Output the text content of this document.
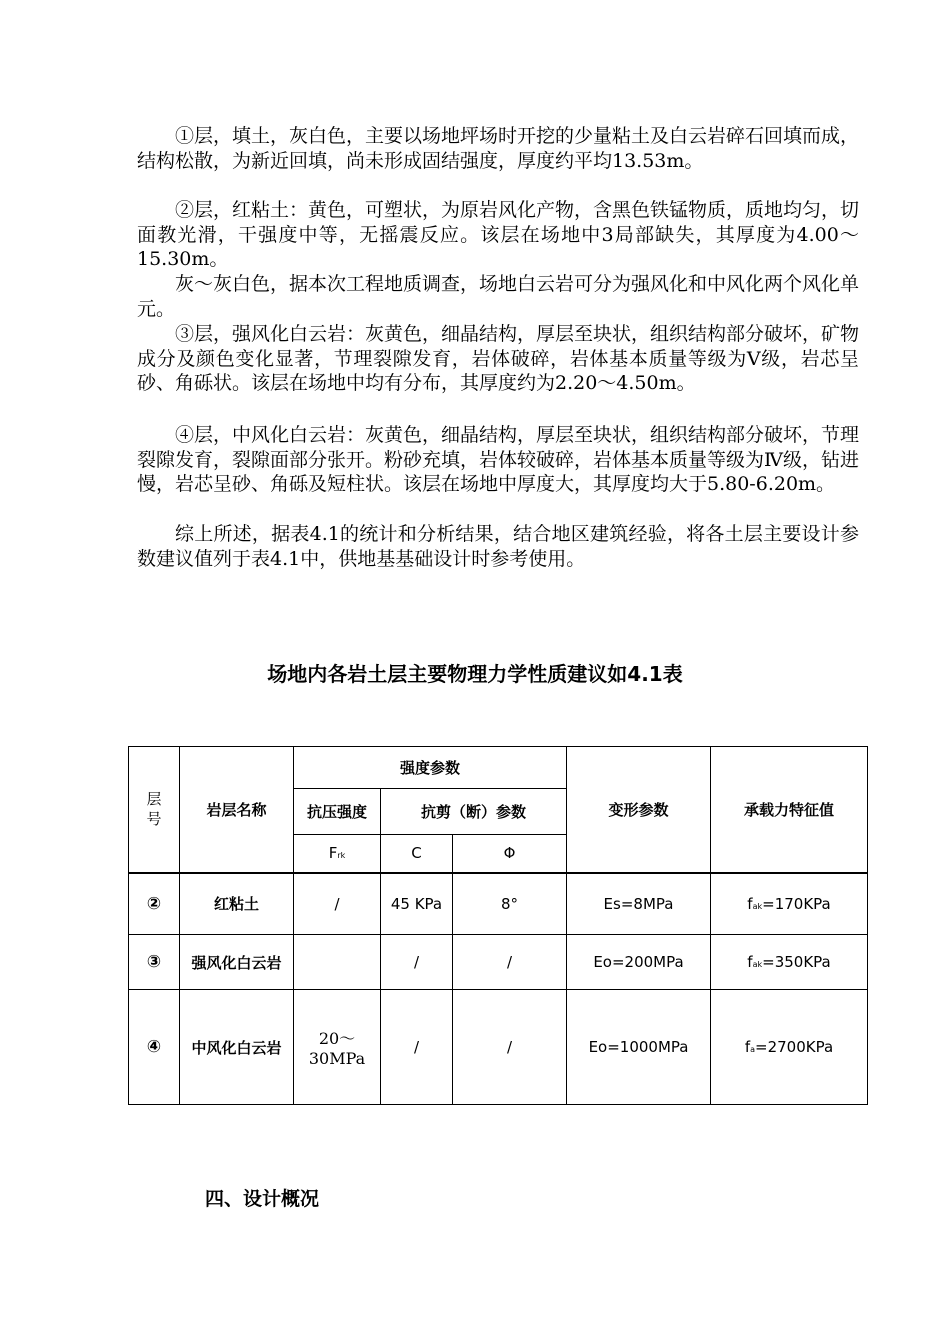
①层，填土，灰白色，主要以场地坪场时开挖的少量粘土及白云岩碎石回填而成，结构松散，为新近回填，尚未形成固结强度，厚度约平均13.53m。

②层，红粘土：黄色，可塑状，为原岩风化产物，含黑色铁锰物质，质地均匀，切面教光滑，干强度中等，无摇震反应。该层在场地中3局部缺失，其厚度为4.00～15.30m。

灰～灰白色，据本次工程地质调查，场地白云岩可分为强风化和中风化两个风化单元。

③层，强风化白云岩：灰黄色，细晶结构，厚层至块状，组织结构部分破坏，矿物成分及颜色变化显著，节理裂隙发育，岩体破碎，岩体基本质量等级为Ⅴ级，岩芯呈砂、角砾状。该层在场地中均有分布，其厚度约为2.20～4.50m。

④层，中风化白云岩：灰黄色，细晶结构，厚层至块状，组织结构部分破坏，节理裂隙发育，裂隙面部分张开。粉砂充填，岩体较破碎，岩体基本质量等级为Ⅳ级，钻进慢，岩芯呈砂、角砾及短柱状。该层在场地中厚度大，其厚度均大于5.80-6.20m。

综上所述，据表4.1的统计和分析结果，结合地区建筑经验，将各土层主要设计参数建议值列于表4.1中，供地基基础设计时参考使用。

场地内各岩土层主要物理力学性质建议如4.1表
层号	岩层名称	强度参数			变形参数	承载力特征值
		抗压强度	抗剪（断）参数			
		Frk	C	Φ		
②	红粘土	/	45 KPa	8°	Es=8MPa	fak=170KPa
③	强风化白云岩		/	/	Eo=200MPa	fak=350KPa
④	中风化白云岩	20～30MPa	/	/	Eo=1000MPa	fa=2700KPa
四、设计概况
